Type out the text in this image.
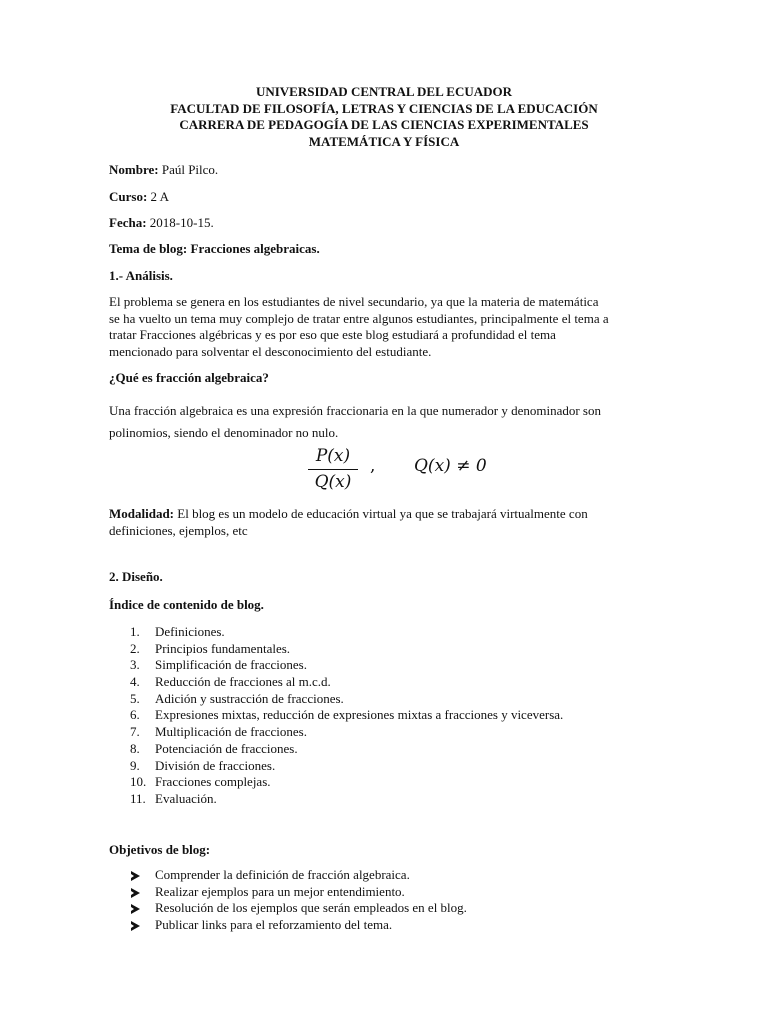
UNIVERSIDAD CENTRAL DEL ECUADOR
FACULTAD DE FILOSOFÍA, LETRAS Y CIENCIAS DE LA EDUCACIÓN
CARRERA DE PEDAGOGÍA DE LAS CIENCIAS EXPERIMENTALES
MATEMÁTICA Y FÍSICA
Nombre: Paúl Pilco.
Curso: 2 A
Fecha: 2018-10-15.
Tema de blog: Fracciones algebraicas.
1.- Análisis.
El problema se genera en los estudiantes de nivel secundario, ya que la materia de matemática
se ha vuelto un tema muy complejo de tratar entre algunos estudiantes, principalmente el tema a
tratar Fracciones algébricas y es por eso que este blog estudiará a profundidad el tema
mencionado para solventar el desconocimiento del estudiante.
¿Qué es fracción algebraica?
Una fracción algebraica es una expresión fraccionaria en la que numerador y denominador son
polinomios, siendo el denominador no nulo.
P(x)
Q(x)
, Q(x) ≠ 0
Modalidad: El blog es un modelo de educación virtual ya que se trabajará virtualmente con
definiciones, ejemplos, etc
2. Diseño.
Índice de contenido de blog.
1.	Definiciones.
2.	Principios fundamentales.
3.	Simplificación de fracciones.
4.	Reducción de fracciones al m.c.d.
5.	Adición y sustracción de fracciones.
6.	Expresiones mixtas, reducción de expresiones mixtas a fracciones y viceversa.
7.	Multiplicación de fracciones.
8.	Potenciación de fracciones.
9.	División de fracciones.
10. Fracciones complejas.
11. Evaluación.
Objetivos de blog:
Comprender la definición de fracción algebraica.
Realizar ejemplos para un mejor entendimiento.
Resolución de los ejemplos que serán empleados en el blog.
Publicar links para el reforzamiento del tema.
